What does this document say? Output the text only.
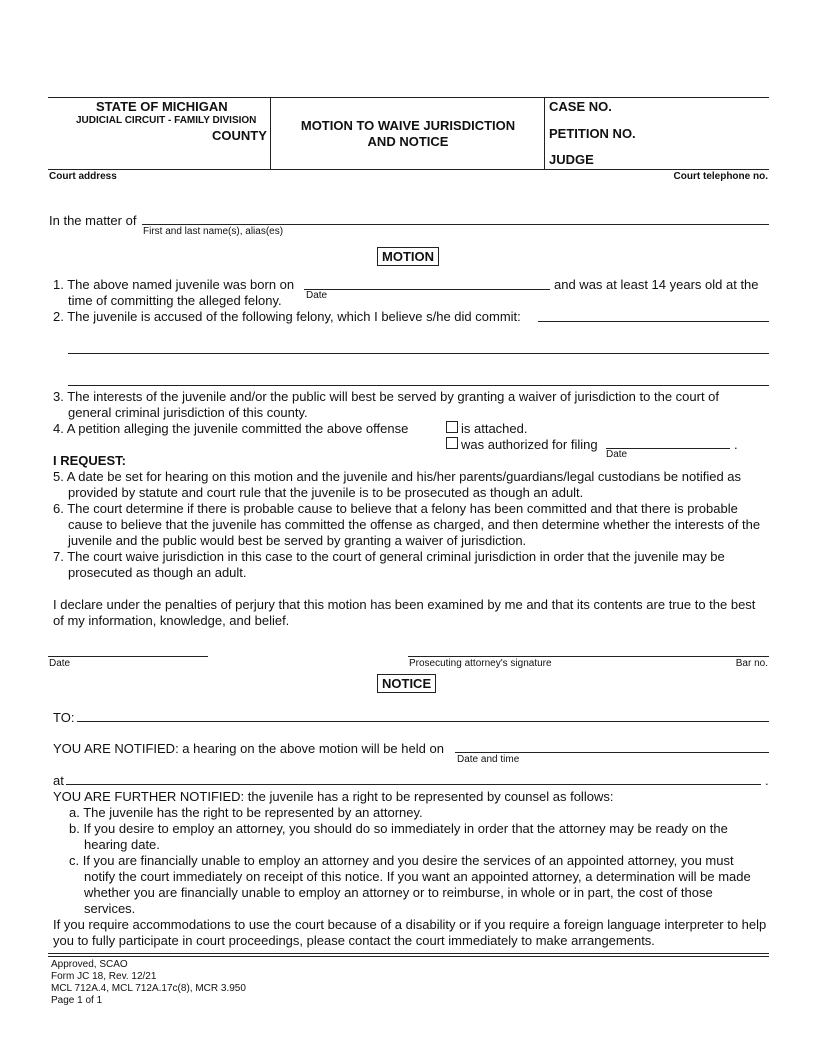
STATE OF MICHIGAN
JUDICIAL CIRCUIT - FAMILY DIVISION
COUNTY
MOTION TO WAIVE JURISDICTION
AND NOTICE
CASE NO.
PETITION NO.
JUDGE
Court address	Court telephone no.
In the matter of
First and last name(s), alias(es)
MOTION
1. The above named juvenile was born on
Date
and was at least 14 years old at the
time of committing the alleged felony.
2. The juvenile is accused of the following felony, which I believe s/he did commit:
3. The interests of the juvenile and/or the public will best be served by granting a waiver of jurisdiction to the court of
general criminal jurisdiction of this county.
4. A petition alleging the juvenile committed the above offense	is attached.
was authorized for filing	.
Date
I REQUEST:
5. A date be set for hearing on this motion and the juvenile and his/her parents/guardians/legal custodians be notified as
provided by statute and court rule that the juvenile is to be prosecuted as though an adult.
6. The court determine if there is probable cause to believe that a felony has been committed and that there is probable
cause to believe that the juvenile has committed the offense as charged, and then determine whether the interests of the
juvenile and the public would best be served by granting a waiver of jurisdiction.
7. The court waive jurisdiction in this case to the court of general criminal jurisdiction in order that the juvenile may be
prosecuted as though an adult.
I declare under the penalties of perjury that this motion has been examined by me and that its contents are true to the best
of my information, knowledge, and belief.
Date	Prosecuting attorney's signature	Bar no.
NOTICE
TO:
YOU ARE NOTIFIED: a hearing on the above motion will be held on
Date and time
at	.
YOU ARE FURTHER NOTIFIED: the juvenile has a right to be represented by counsel as follows:
a. The juvenile has the right to be represented by an attorney.
b. If you desire to employ an attorney, you should do so immediately in order that the attorney may be ready on the
hearing date.
c. If you are financially unable to employ an attorney and you desire the services of an appointed attorney, you must
notify the court immediately on receipt of this notice. If you want an appointed attorney, a determination will be made
whether you are financially unable to employ an attorney or to reimburse, in whole or in part, the cost of those
services.
If you require accommodations to use the court because of a disability or if you require a foreign language interpreter to help
you to fully participate in court proceedings, please contact the court immediately to make arrangements.
Approved, SCAO
Form JC 18, Rev. 12/21
MCL 712A.4, MCL 712A.17c(8), MCR 3.950
Page 1 of 1
